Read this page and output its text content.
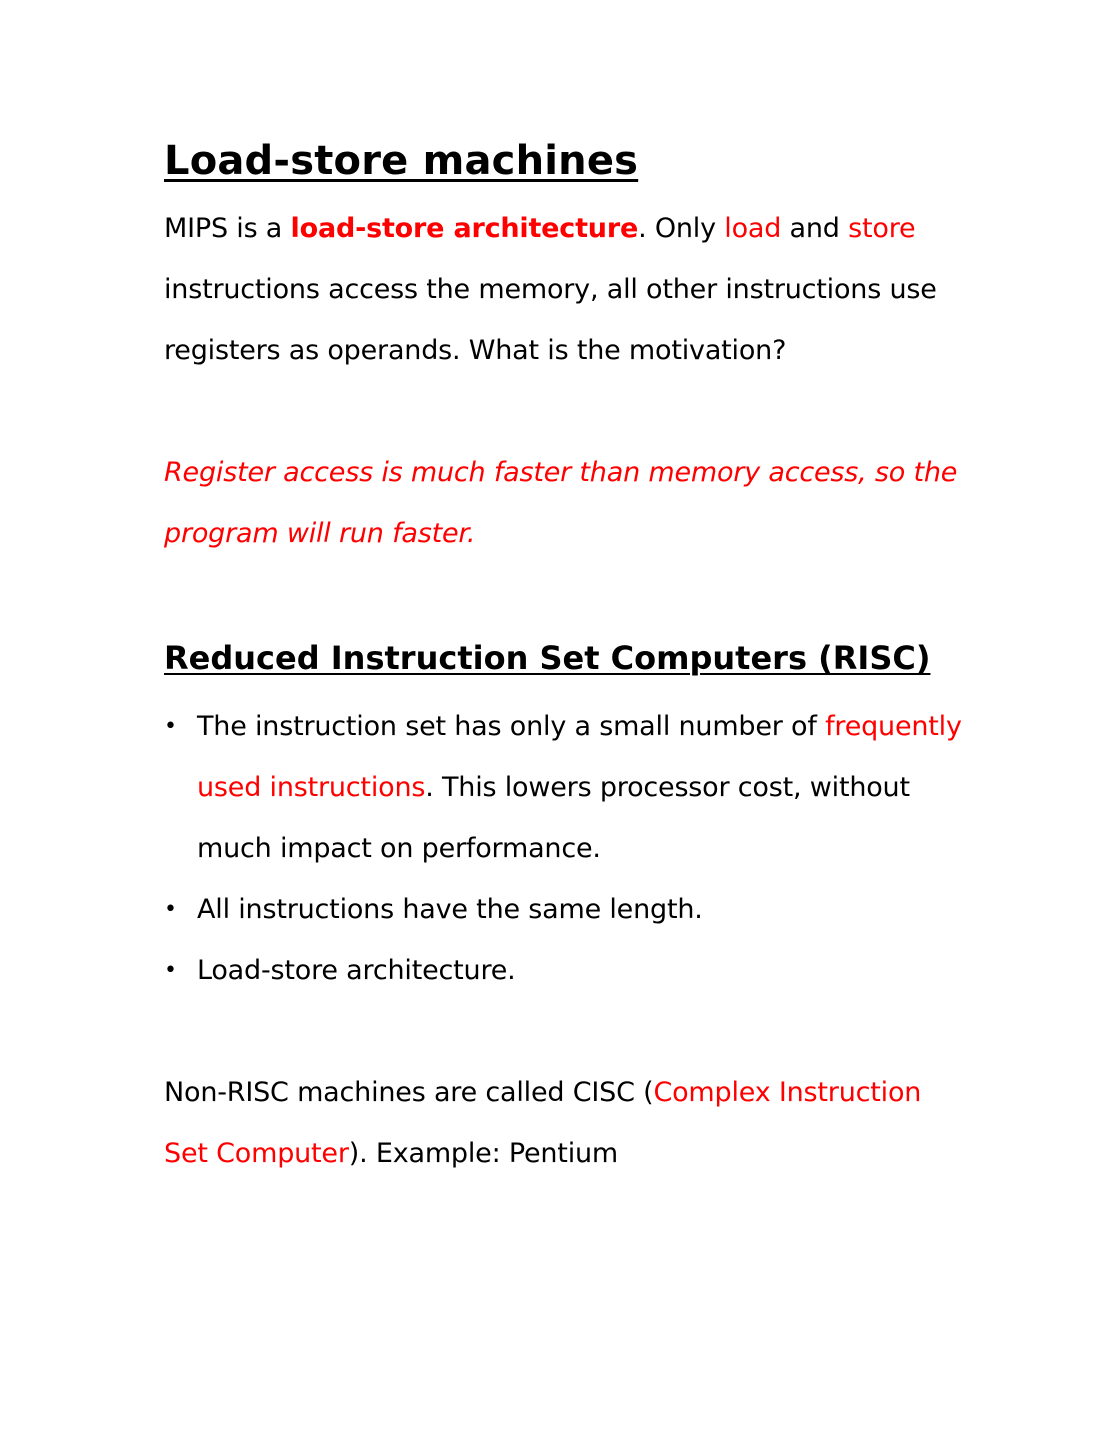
Load-store machines

MIPS is a load-store architecture. Only load and store instructions access the memory, all other instructions use registers as operands. What is the motivation?

Register access is much faster than memory access, so the program will run faster.

Reduced Instruction Set Computers (RISC)
• The instruction set has only a small number of frequently used instructions. This lowers processor cost, without much impact on performance.
• All instructions have the same length.
• Load-store architecture.

Non-RISC machines are called CISC (Complex Instruction Set Computer). Example: Pentium
